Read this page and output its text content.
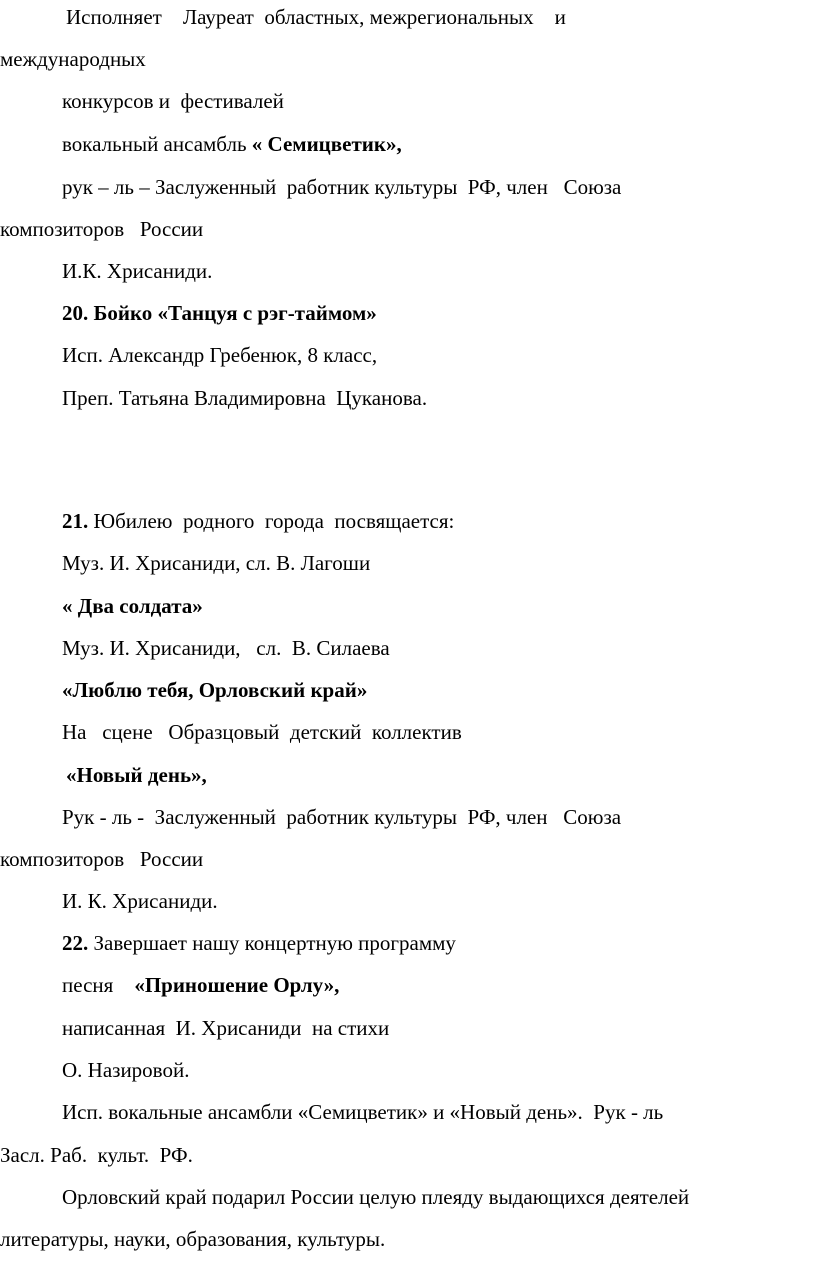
Исполняет    Лауреат  областных, межрегиональных    и

международных

конкурсов и  фестивалей

вокальный ансамбль « Семицветик»,

рук – ль – Заслуженный  работник культуры  РФ, член   Союза

композиторов   России

И.К. Хрисаниди.

20. Бойко «Танцуя с рэг-таймом»

Исп. Александр Гребенюк, 8 класс,

Преп. Татьяна Владимировна  Цуканова.

21. Юбилею  родного  города  посвящается:

Муз. И. Хрисаниди, сл. В. Лагоши

« Два солдата»

Муз. И. Хрисаниди,   сл.  В. Силаева

«Люблю тебя, Орловский край»

На   сцене   Образцовый  детский  коллектив

«Новый день»,

Рук - ль -  Заслуженный  работник культуры  РФ, член   Союза

композиторов   России

И. К. Хрисаниди.

22. Завершает нашу концертную программу

песня    «Приношение Орлу»,

написанная  И. Хрисаниди  на стихи

О. Назировой.

Исп. вокальные ансамбли «Семицветик» и «Новый день».  Рук - ль

Засл. Раб.  культ.  РФ.

Орловский край подарил России целую плеяду выдающихся деятелей

литературы, науки, образования, культуры.
